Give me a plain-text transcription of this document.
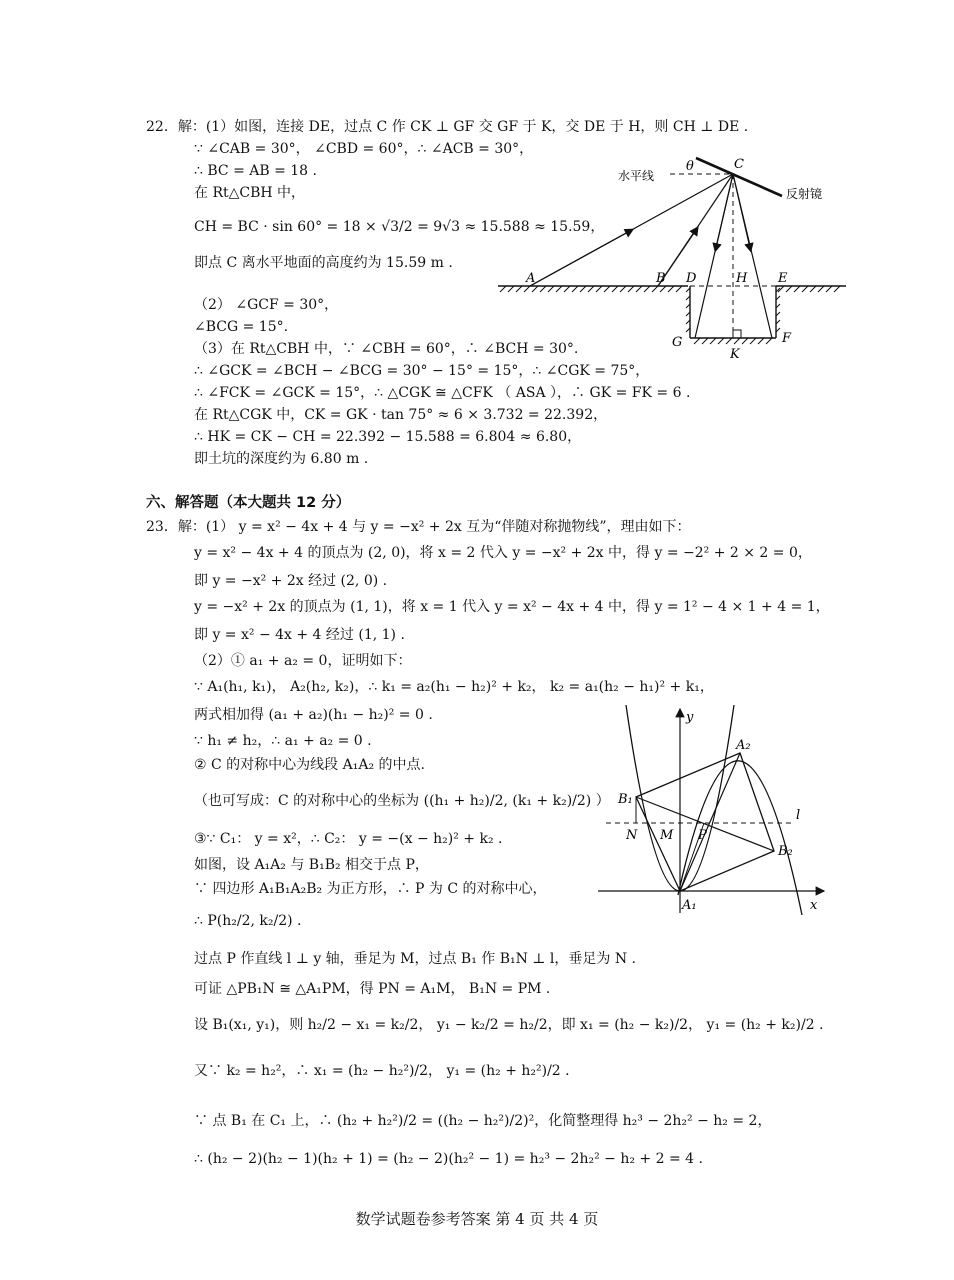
22．解：(1）如图，连接 DE，过点 C 作 CK ⊥ GF 交 GF 于 K，交 DE 于 H，则 CH ⊥ DE .
∵ ∠CAB = 30°， ∠CBD = 60°，∴ ∠ACB = 30°，
∴ BC = AB = 18 .
在 Rt△CBH 中，
CH = BC · sin 60° = 18 × √3/2 = 9√3 ≈ 15.588 ≈ 15.59，
即点 C 离水平地面的高度约为 15.59 m .
（2） ∠GCF = 30°，
∠BCG = 15°.
（3）在 Rt△CBH 中，∵ ∠CBH = 60°，∴ ∠BCH = 30°.
∴ ∠GCK = ∠BCH − ∠BCG = 30° − 15° = 15°，∴ ∠CGK = 75°，
∴ ∠FCK = ∠GCK = 15°，∴ △CGK ≅ △CFK （ ASA ），∴ GK = FK = 6 .
在 Rt△CGK 中，CK = GK · tan 75° ≈ 6 × 3.732 = 22.392，
∴ HK = CK − CH = 22.392 − 15.588 = 6.804 ≈ 6.80，
即土坑的深度约为 6.80 m .
水平线
反射镜
θ
A	B
C
D	E
F
G
H
K
六、解答题（本大题共 12 分）
23．解：(1） y = x² − 4x + 4 与 y = −x² + 2x 互为“伴随对称抛物线”，理由如下：
y = x² − 4x + 4 的顶点为 (2, 0)，将 x = 2 代入 y = −x² + 2x 中，得 y = −2² + 2 × 2 = 0，
即 y = −x² + 2x 经过 (2, 0) .
y = −x² + 2x 的顶点为 (1, 1)，将 x = 1 代入 y = x² − 4x + 4 中，得 y = 1² − 4 × 1 + 4 = 1，
即 y = x² − 4x + 4 经过 (1, 1) .
（2）① a₁ + a₂ = 0，证明如下：
∵ A₁(h₁, k₁)， A₂(h₂, k₂)，∴ k₁ = a₂(h₁ − h₂)² + k₂， k₂ = a₁(h₂ − h₁)² + k₁，
两式相加得 (a₁ + a₂)(h₁ − h₂)² = 0 .
∵ h₁ ≠ h₂，∴ a₁ + a₂ = 0 .
② C 的对称中心为线段 A₁A₂ 的中点.
（也可写成：C 的对称中心的坐标为 ((h₁ + h₂)/2, (k₁ + k₂)/2) ）
③∵ C₁： y = x²，∴ C₂： y = −(x − h₂)² + k₂ .
如图，设 A₁A₂ 与 B₁B₂ 相交于点 P，
∵ 四边形 A₁B₁A₂B₂ 为正方形，∴ P 为 C 的对称中心，
∴ P(h₂/2, k₂/2) .
过点 P 作直线 l ⊥ y 轴，垂足为 M，过点 B₁ 作 B₁N ⊥ l，垂足为 N .
可证 △PB₁N ≅ △A₁PM，得 PN = A₁M， B₁N = PM .
设 B₁(x₁, y₁)，则 h₂/2 − x₁ = k₂/2， y₁ − k₂/2 = h₂/2，即 x₁ = (h₂ − k₂)/2， y₁ = (h₂ + k₂)/2 .
又∵ k₂ = h₂²，∴ x₁ = (h₂ − h₂²)/2， y₁ = (h₂ + h₂²)/2 .
∵ 点 B₁ 在 C₁ 上，∴ (h₂ + h₂²)/2 = ((h₂ − h₂²)/2)²，化简整理得 h₂³ − 2h₂² − h₂ = 2，
∴ (h₂ − 2)(h₂ − 1)(h₂ + 1) = (h₂ − 2)(h₂² − 1) = h₂³ − 2h₂² − h₂ + 2 = 4 .
x
y
l
A₁
A₂
B₁
B₂
N M P
数学试题卷参考答案 第 4 页 共 4 页
